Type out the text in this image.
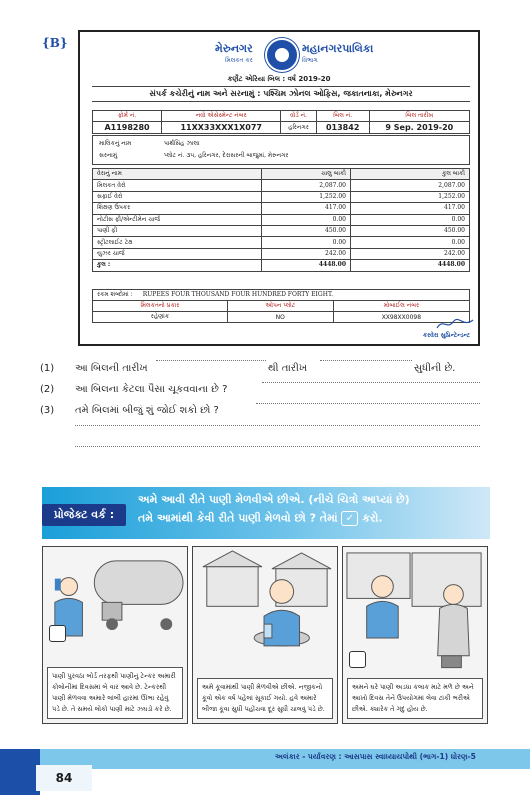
{B}	મેરુનગર
મિલકત કર
મહાનગરપાલિકા
વિભાગ
કર્ણેટ એરિયા બિલ : વર્ષ 2019-20
સંપર્ક કચેરીનું નામ અને સરનામું : પશ્ચિમ ઝોનલ ઓફિસ, જકાતનાકા, મેરુનગર
ફોર્મ નં.	નવો એસેસ્મેન્ટ નંબર	વોર્ડ નં.	બિલ નં.	બિલ તારીખ
A1198280	11XX33XXX1X077	હરિનગર	013842	9 Sep. 2019-20
માલિકનું નામ	પાર્થસિંહ ઝાલા
સરનામું	પ્લોટ નં. ૩૫, હરિનગર, દેરાસરની બાજુમાં, મેરુનગર
વેરાનું નામ	ચાલુ બાકી	કુલ બાકી
મિલકત વેરો	2,087.00	2,087.00
સફાઈ વેરો	1,252.00	1,252.00
શિક્ષણ ઉપકર	417.00	417.00
નોટીસ ફી/એન્ટીમેન ચાર્જ	0.00	0.00
પાણી ફી	450.00	450.00
સ્ટ્રીટલાઈટ ટેક્ષ	0.00	0.00
યુઝર ચાર્જ	242.00	242.00
કુલ :	4448.00	4448.00
રકમ શબ્દોમાં : RUPEES FOUR THOUSAND FOUR HUNDRED FORTY EIGHT.
મિલકતનો પ્રકાર	ઓપન પ્લોટ	મોબાઈલ નંબર
રહેણાંક	NO	XX98XX0098
કરવેરા સુપ્રિન્ટેન્ડન્ટ
(1) આ બિલની તારીખ	થી તારીખ	સુધીની છે.
(2) આ બિલના કેટલા પૈસા ચૂકવવાના છે ?
(3) તમે બિલમાં બીજું શું જોઈ શકો છો ?
પ્રોજેક્ટ વર્ક :
અમે આવી રીતે પાણી મેળવીએ છીએ. (નીચે ચિત્રો આપ્યાં છે)
તમે આમાંથી કેવી રીતે પાણી મેળવો છો ? તેમાં ✓ કરો.
પાણી પુરવઠા બોર્ડ તરફથી પાણીનું ટેન્કર અમારી કોલોનીમાં દિવસમાં બે વાર આવે છે. ટેન્કરથી પાણી મેળવવા અમારે લાંબી હારમાં ઊભા રહેવું પડે છે. તે સમયે લોકો પાણી માટે ઝઘડો કરે છે.
અમે કૂવામાંથી પાણી મેળવીએ છીએ. નજીકનો કૂવો એક વર્ષ પહેલાં સૂકાઈ ગયો. હવે અમારે બીજા કૂવા સુધી પહોંચવા દૂર સુધી ચાલવું પડે છે.
અમને ઘરે પાણી અડધા કલાક માટે મળે છે અને આખો દિવસ તેને ઉપયોગમાં લેવા ટાંકી ભરીએ છીએ. ક્યારેક તે ગંદું હોય છે.
84
અલંકાર - પર્યાવરણ : આસપાસ સ્વાધ્યાયપોથી (ભાગ-1) ધોરણ-5
